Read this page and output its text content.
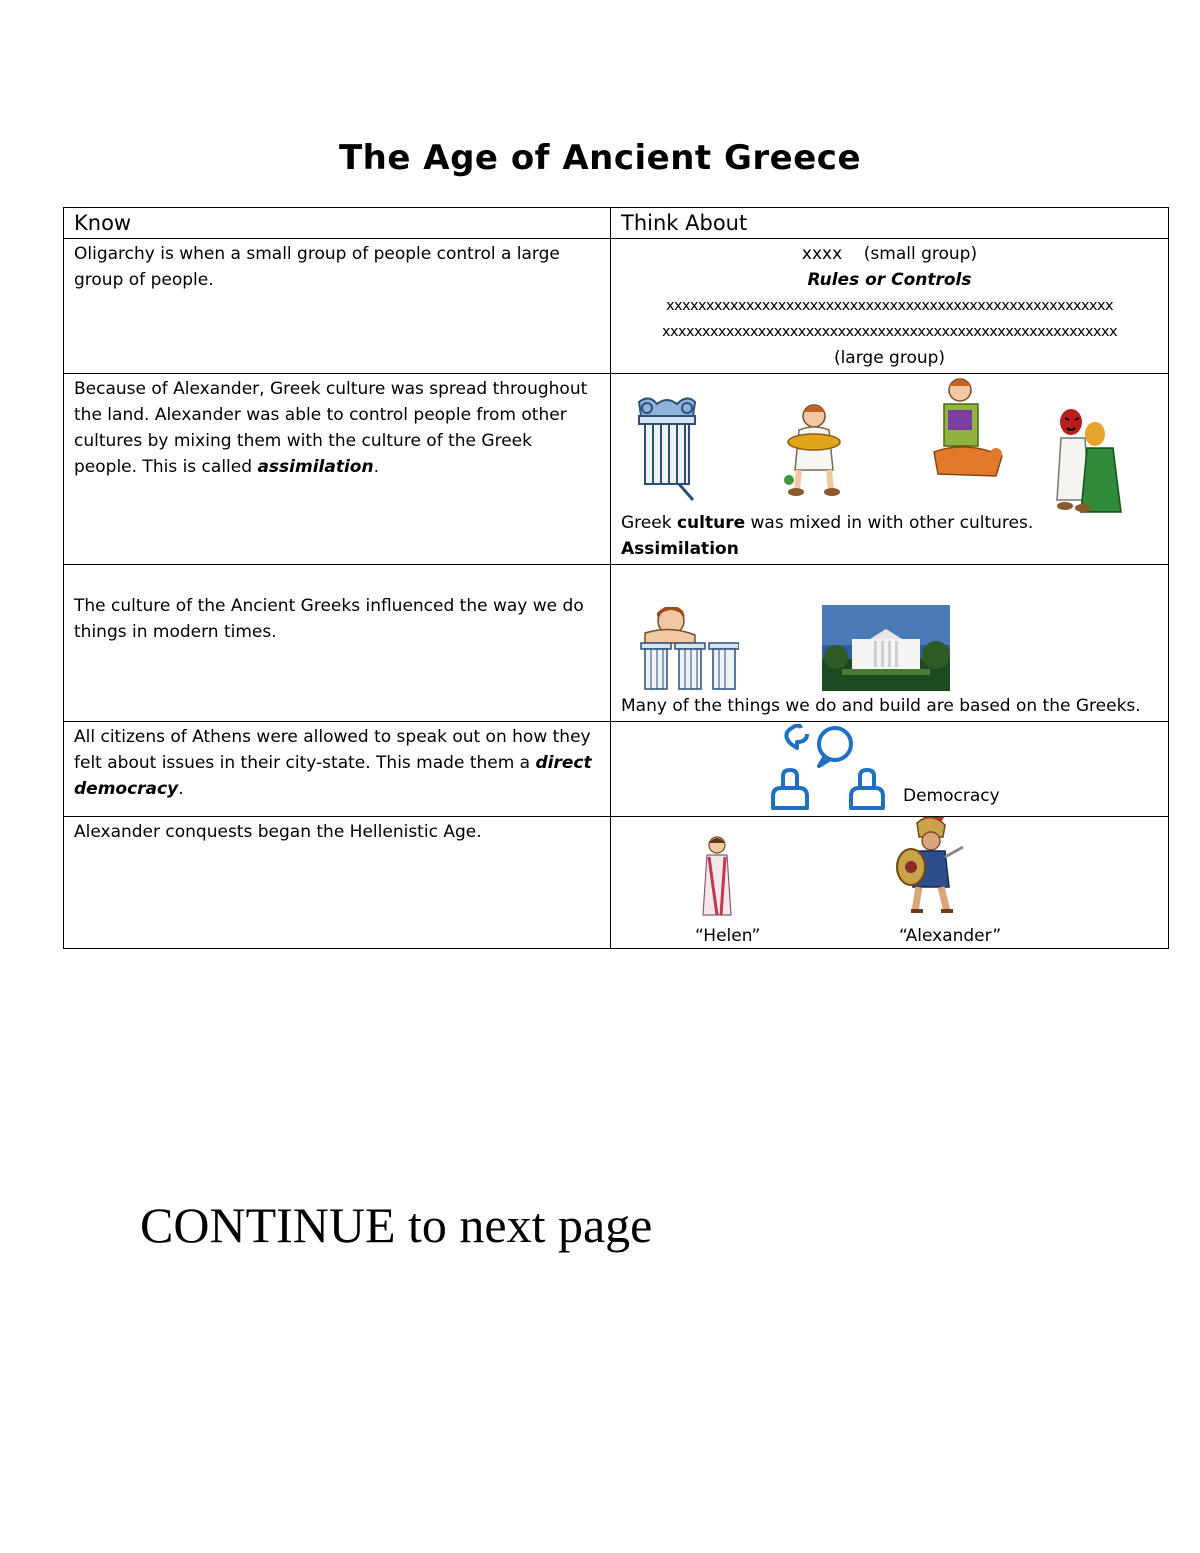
The Age of Ancient Greece
Know	Think About
Oligarchy is when a small group of people control a large group of people.	xxxx (small group)
Rules or Controls
xxxxxxxxxxxxxxxxxxxxxxxxxxxxxxxxxxxxxxxxxxxxxxxxxxxxxxxx
xxxxxxxxxxxxxxxxxxxxxxxxxxxxxxxxxxxxxxxxxxxxxxxxxxxxxxxxx
(large group)

Because of Alexander, Greek culture was spread throughout the land. Alexander was able to control people from other cultures by mixing them with the culture of the Greek people. This is called assimilation.	Greek culture was mixed in with other cultures.
Assimilation

The culture of the Ancient Greeks influenced the way we do things in modern times.	Many of the things we do and build are based on the Greeks.

All citizens of Athens were allowed to speak out on how they felt about issues in their city-state. This made them a direct democracy.	Democracy

Alexander conquests began the Hellenistic Age.	“Helen” “Alexander”
CONTINUE to next page
